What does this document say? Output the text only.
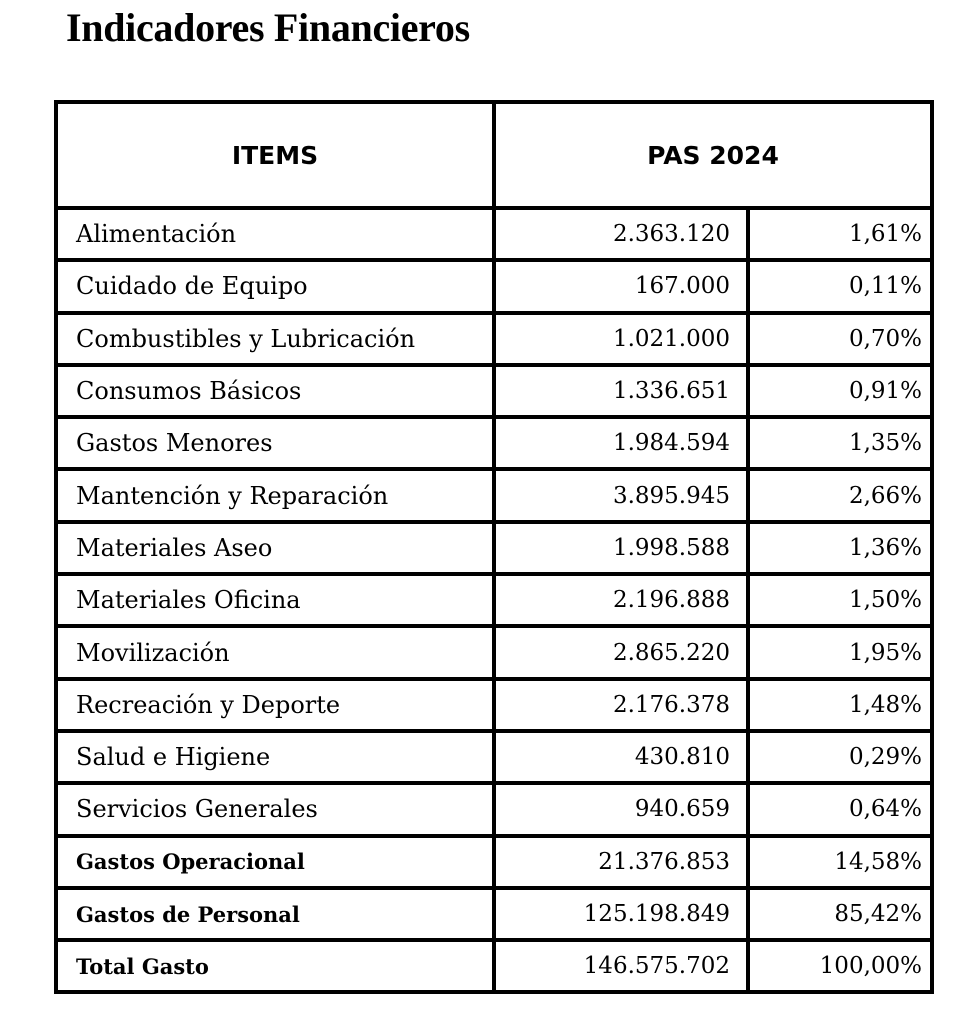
Indicadores Financieros
ITEMS	PAS 2024	
Alimentación	2.363.120	1,61%
Cuidado de Equipo	167.000	0,11%
Combustibles y Lubricación	1.021.000	0,70%
Consumos Básicos	1.336.651	0,91%
Gastos Menores	1.984.594	1,35%
Mantención y Reparación	3.895.945	2,66%
Materiales Aseo	1.998.588	1,36%
Materiales Oficina	2.196.888	1,50%
Movilización	2.865.220	1,95%
Recreación y Deporte	2.176.378	1,48%
Salud e Higiene	430.810	0,29%
Servicios Generales	940.659	0,64%
Gastos Operacional	21.376.853	14,58%
Gastos de Personal	125.198.849	85,42%
Total Gasto	146.575.702	100,00%
